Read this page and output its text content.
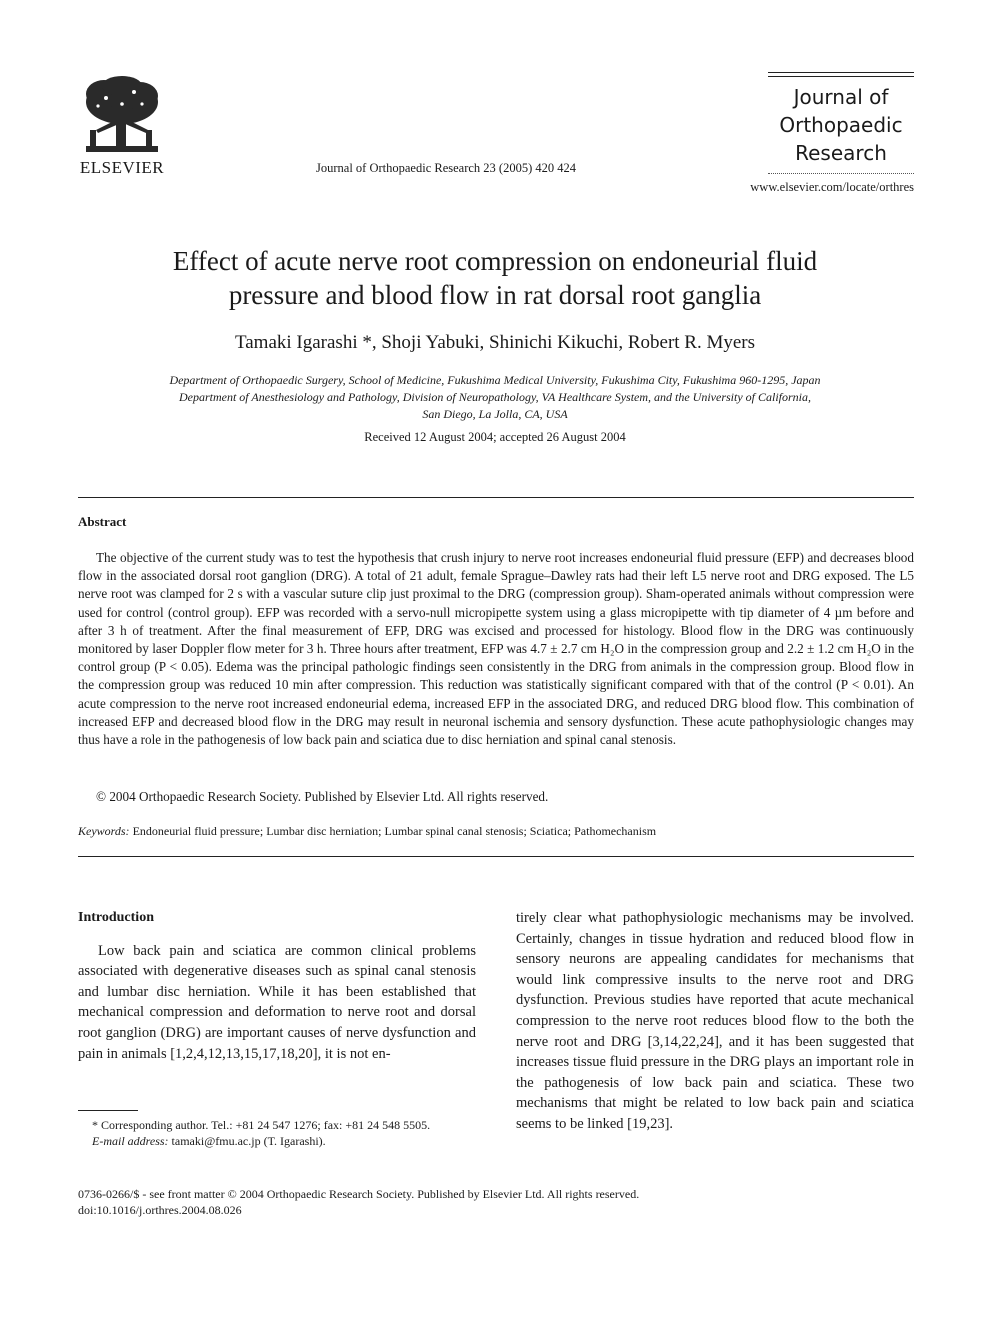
ELSEVIER	Journal of Orthopaedic Research 23 (2005) 420 424
Journal of
Orthopaedic
Research
www.elsevier.com/locate/orthres
Effect of acute nerve root compression on endoneurial fluid
pressure and blood flow in rat dorsal root ganglia
Tamaki Igarashi *, Shoji Yabuki, Shinichi Kikuchi, Robert R. Myers
Department of Orthopaedic Surgery, School of Medicine, Fukushima Medical University, Fukushima City, Fukushima 960-1295, Japan
Department of Anesthesiology and Pathology, Division of Neuropathology, VA Healthcare System, and the University of California,
San Diego, La Jolla, CA, USA
Received 12 August 2004; accepted 26 August 2004
Abstract

The objective of the current study was to test the hypothesis that crush injury to nerve root increases endoneurial fluid pressure (EFP) and decreases blood flow in the associated dorsal root ganglion (DRG). A total of 21 adult, female Sprague–Dawley rats had their left L5 nerve root and DRG exposed. The L5 nerve root was clamped for 2 s with a vascular suture clip just proximal to the DRG (compression group). Sham-operated animals without compression were used for control (control group). EFP was recorded with a servo-null micropipette system using a glass micropipette with tip diameter of 4 µm before and after 3 h of treatment. After the final measurement of EFP, DRG was excised and processed for histology. Blood flow in the DRG was continuously monitored by laser Doppler flow meter for 3 h. Three hours after treatment, EFP was 4.7 ± 2.7 cm H₂O in the compression group and 2.2 ± 1.2 cm H₂O in the control group (P < 0.05). Edema was the principal pathologic findings seen consistently in the DRG from animals in the compression group. Blood flow in the compression group was reduced 10 min after compression. This reduction was statistically significant compared with that of the control (P < 0.01). An acute compression to the nerve root increased endoneurial edema, increased EFP in the associated DRG, and reduced DRG blood flow. This combination of increased EFP and decreased blood flow in the DRG may result in neuronal ischemia and sensory dysfunction. These acute pathophysiologic changes may thus have a role in the pathogenesis of low back pain and sciatica due to disc herniation and spinal canal stenosis.

© 2004 Orthopaedic Research Society. Published by Elsevier Ltd. All rights reserved.
Keywords: Endoneurial fluid pressure; Lumbar disc herniation; Lumbar spinal canal stenosis; Sciatica; Pathomechanism
Introduction

Low back pain and sciatica are common clinical problems associated with degenerative diseases such as spinal canal stenosis and lumbar disc herniation. While it has been established that mechanical compression and deformation to nerve root and dorsal root ganglion (DRG) are important causes of nerve dysfunction and pain in animals [1,2,4,12,13,15,17,18,20], it is not en-

tirely clear what pathophysiologic mechanisms may be involved. Certainly, changes in tissue hydration and reduced blood flow in sensory neurons are appealing candidates for mechanisms that would link compressive insults to the nerve root and DRG dysfunction. Previous studies have reported that acute mechanical compression to the nerve root reduces blood flow to the both the nerve root and DRG [3,14,22,24], and it has been suggested that increases tissue fluid pressure in the DRG plays an important role in the pathogenesis of low back pain and sciatica. These two mechanisms that might be related to low back pain and sciatica seems to be linked [19,23].

* Corresponding author. Tel.: +81 24 547 1276; fax: +81 24 548 5505.
E-mail address: tamaki@fmu.ac.jp (T. Igarashi).
0736-0266/$ - see front matter © 2004 Orthopaedic Research Society. Published by Elsevier Ltd. All rights reserved.
doi:10.1016/j.orthres.2004.08.026
